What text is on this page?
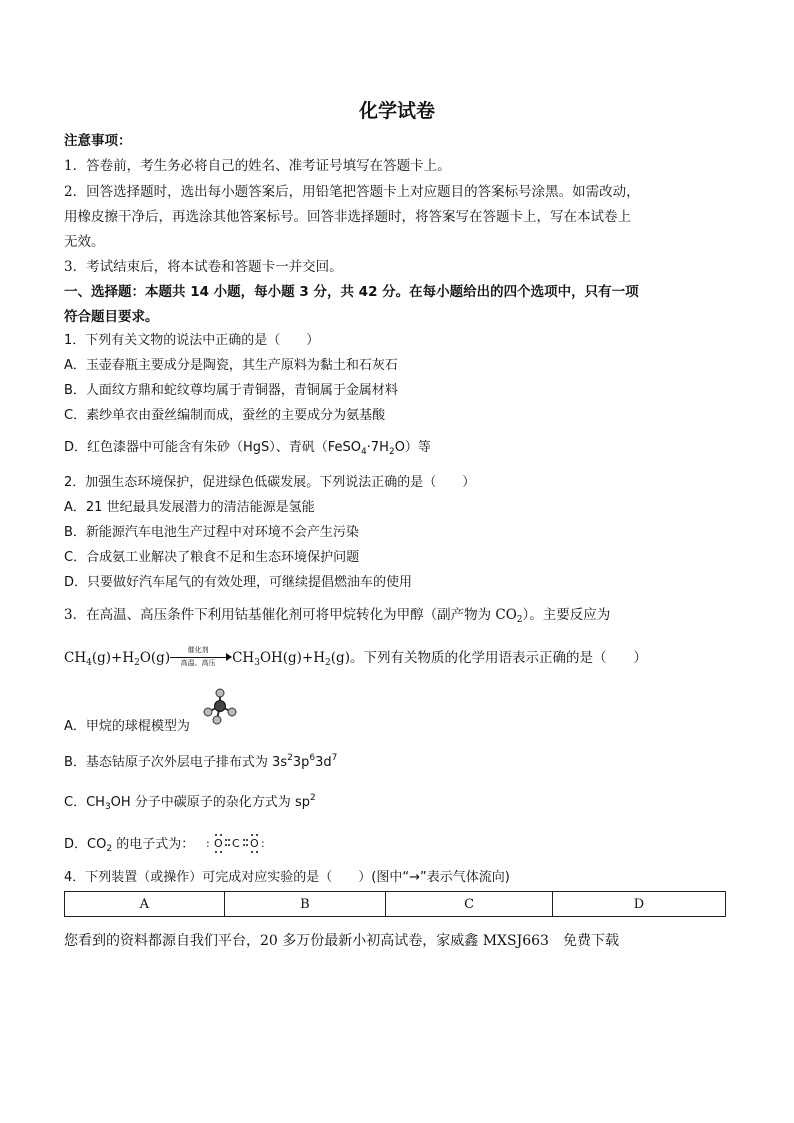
化学试卷
注意事项：
1．答卷前，考生务必将自己的姓名、准考证号填写在答题卡上。
2．回答选择题时，选出每小题答案后，用铅笔把答题卡上对应题目的答案标号涂黑。如需改动，
用橡皮擦干净后，再选涂其他答案标号。回答非选择题时，将答案写在答题卡上，写在本试卷上
无效。
3．考试结束后，将本试卷和答题卡一并交回。
一、选择题：本题共 14 小题，每小题 3 分，共 42 分。在每小题给出的四个选项中，只有一项
符合题目要求。
1．下列有关文物的说法中正确的是（　　）
A．玉壶春瓶主要成分是陶瓷，其生产原料为黏土和石灰石
B．人面纹方鼎和蛇纹尊均属于青铜器，青铜属于金属材料
C．素纱单衣由蚕丝编制而成，蚕丝的主要成分为氨基酸
D．红色漆器中可能含有朱砂（HgS）、青矾$(FeSO_4\cdot 7H_2O)$等
2．加强生态环境保护，促进绿色低碳发展。下列说法正确的是（　　）
A．21 世纪最具发展潜力的清洁能源是氢能
B．新能源汽车电池生产过程中对环境不会产生污染
C．合成氨工业解决了粮食不足和生态环境保护问题
D．只要做好汽车尾气的有效处理，可继续提倡燃油车的使用
3．在高温、高压条件下利用钴基催化剂可将甲烷转化为甲醇（副产物为 $CO_2$）。主要反应为
$CH_4(g)+H_2O(g)$	催化剂
高温、高压	$CH_3OH(g)+H_2(g)$。下列有关物质的化学用语表示正确的是（　　）
A．甲烷的球棍模型为
B．基态钴原子次外层电子排布式为 $3s^23p^63d^7$
C．$CH_3OH$ 分子中碳原子的杂化方式为 $sp^2$
D．$CO_2$ 的电子式为： : O C O :
4．下列装置（或操作）可完成对应实验的是（　　）(图中“→”表示气体流向)
A	B	C	D
您看到的资料都源自我们平台，20 多万份最新小初高试卷，家威鑫 MXSJ663　免费下载
